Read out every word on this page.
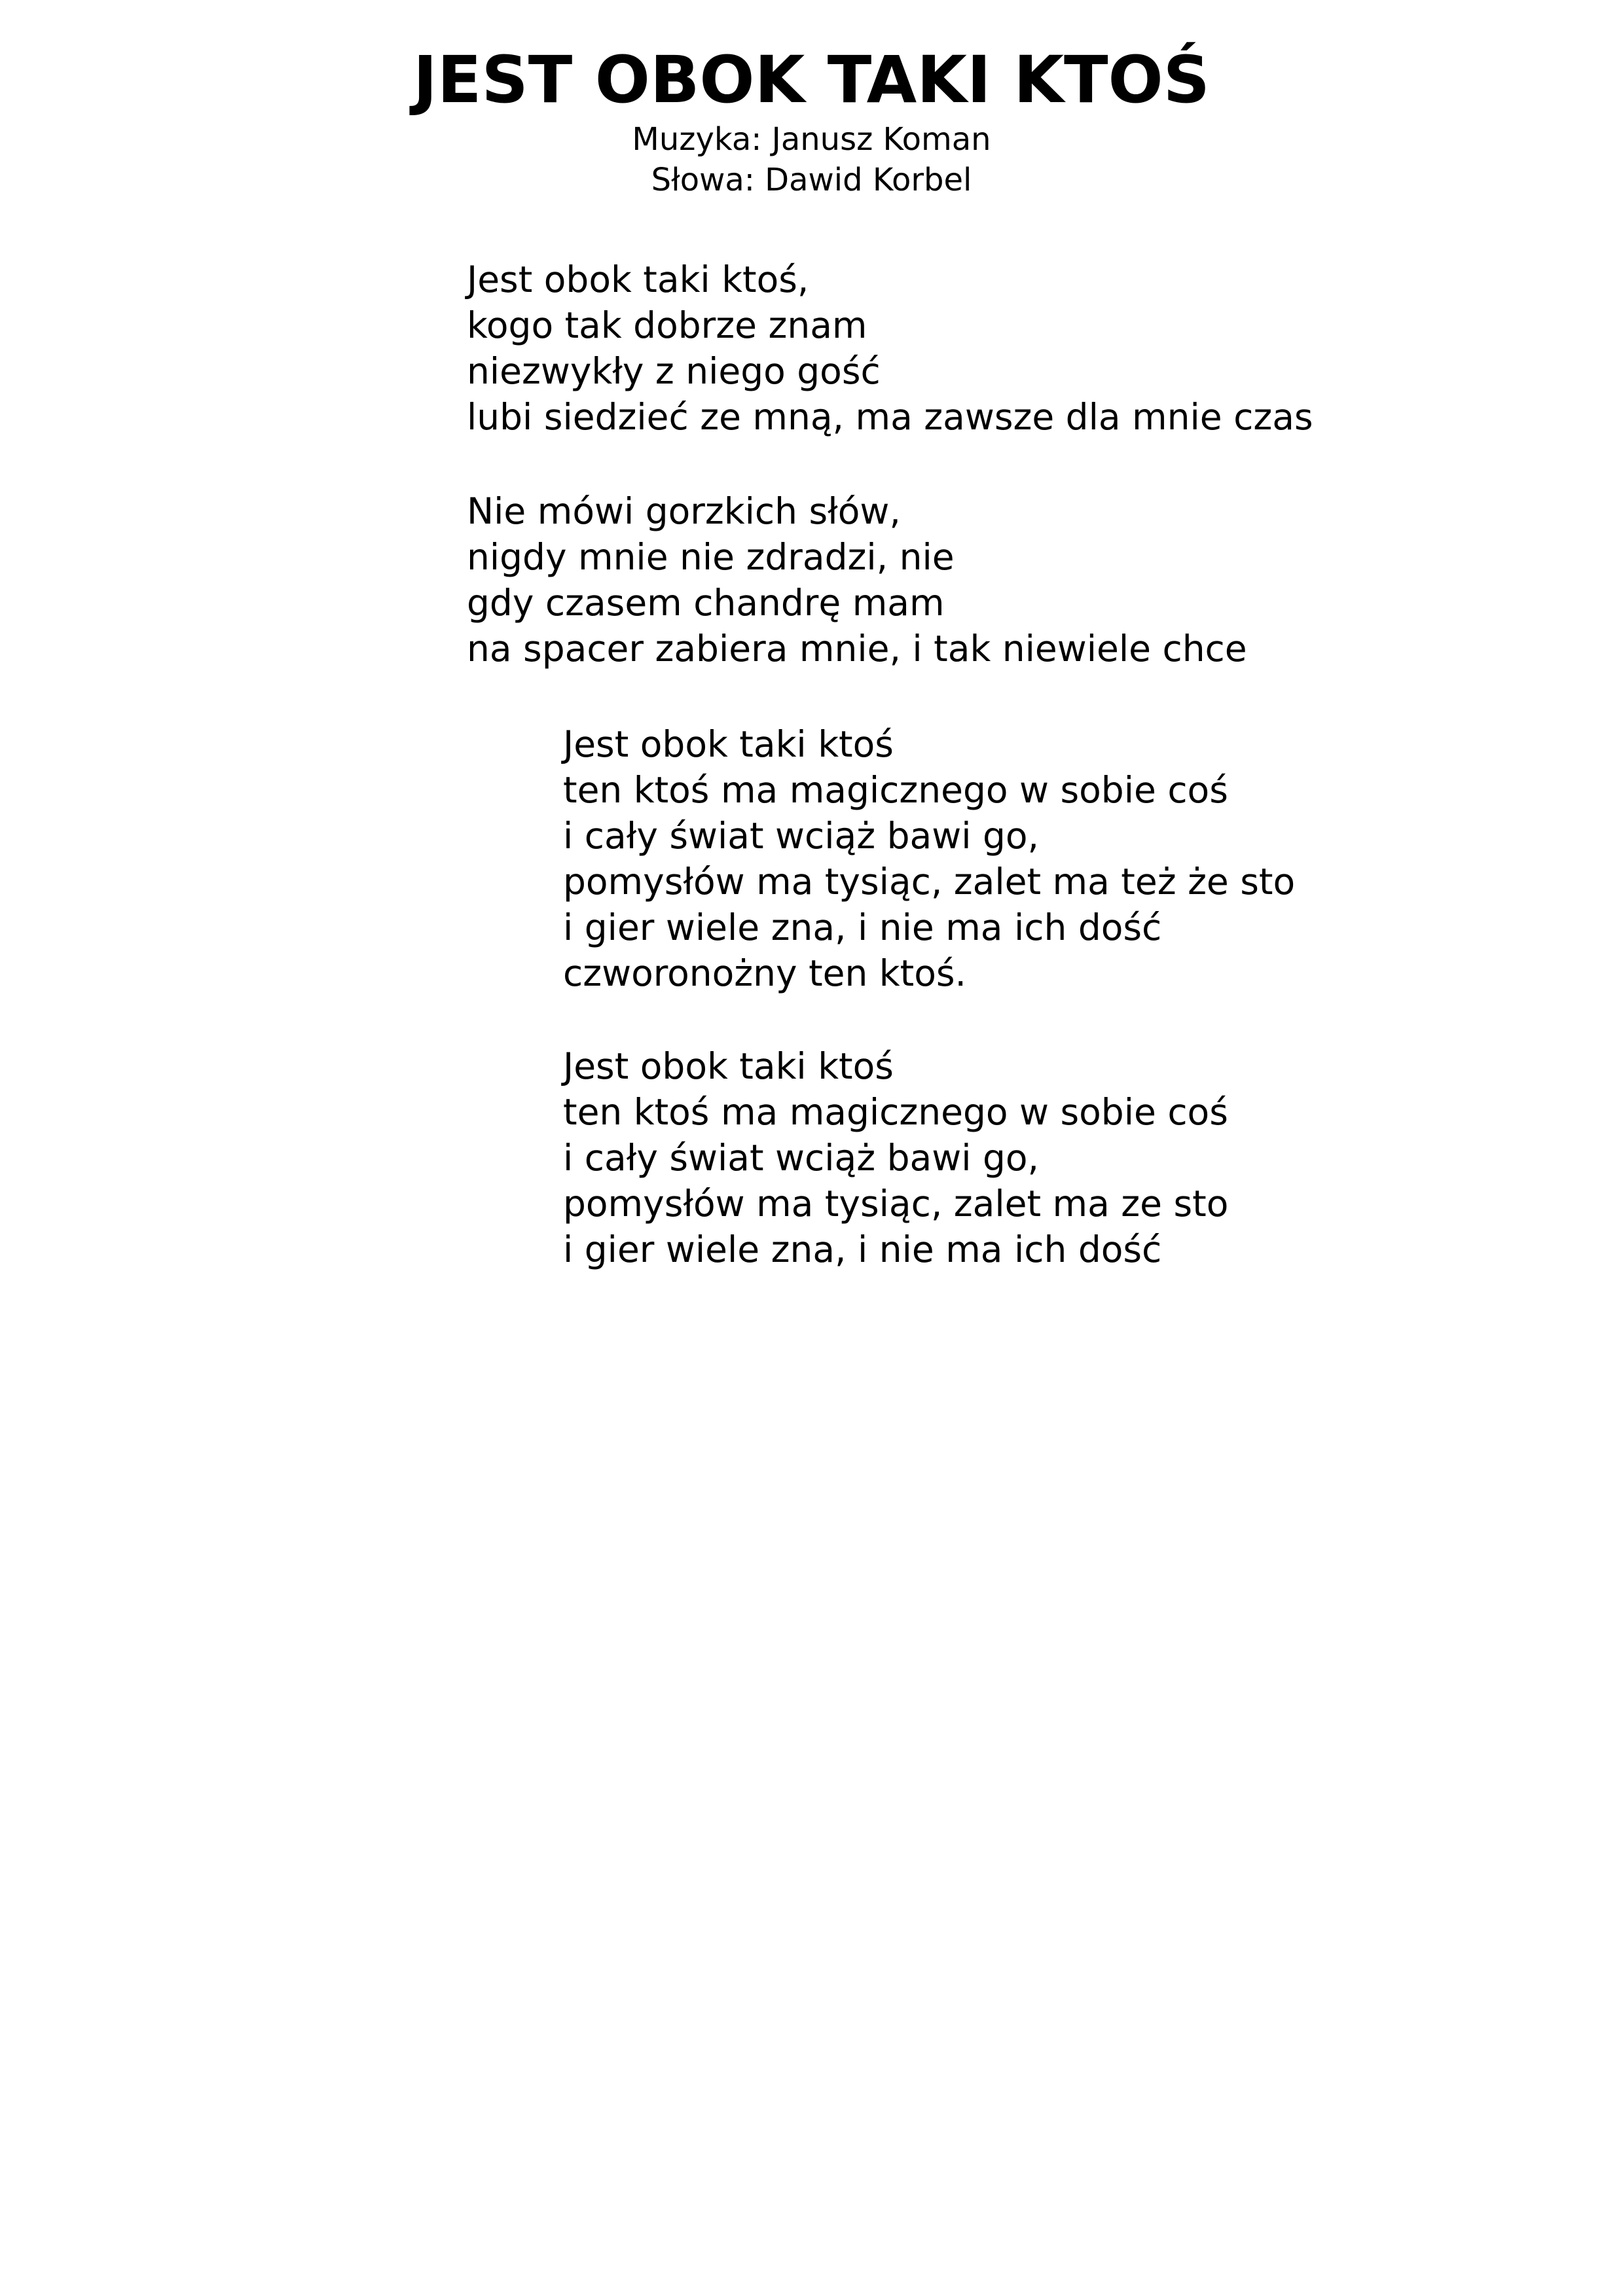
JEST OBOK TAKI KTOŚ
Muzyka: Janusz Koman
Słowa: Dawid Korbel
Jest obok taki ktoś,
kogo tak dobrze znam
niezwykły z niego gość
lubi siedzieć ze mną, ma zawsze dla mnie czas
Nie mówi gorzkich słów,
nigdy mnie nie zdradzi, nie
gdy czasem chandrę mam
na spacer zabiera mnie, i tak niewiele chce
Jest obok taki ktoś
ten ktoś ma magicznego w sobie coś
i cały świat wciąż bawi go,
pomysłów ma tysiąc, zalet ma też że sto
i gier wiele zna, i nie ma ich dość
czworonożny ten ktoś.
Jest obok taki ktoś
ten ktoś ma magicznego w sobie coś
i cały świat wciąż bawi go,
pomysłów ma tysiąc, zalet ma ze sto
i gier wiele zna, i nie ma ich dość
